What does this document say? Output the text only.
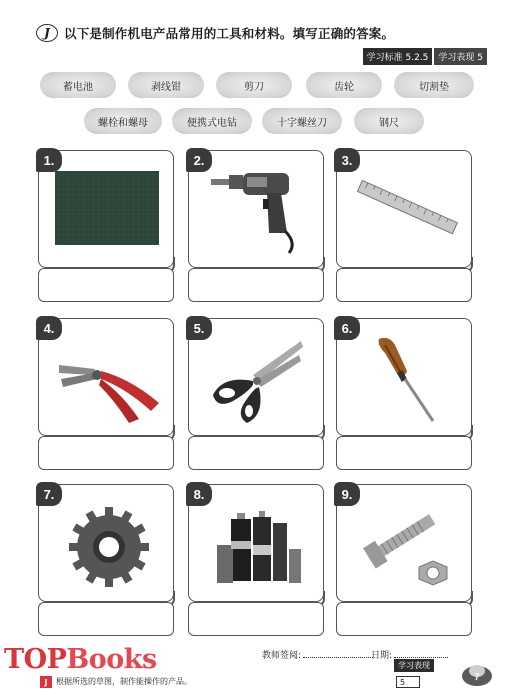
J	以下是制作机电产品常用的工具和材料。填写正确的答案。
学习标准 5.2.5	学习表现 5
蓄电池	剥线钳	剪刀	齿轮	切割垫
螺栓和螺母	便携式电钻	十字螺丝刀	钢尺
1.	2.	3.
4.	5.	6.
7.	8.	9.
TOPBooks	教师签阅:	日期:
学习表现
5
J	根据所选的草图，制作能操作的产品。	7
